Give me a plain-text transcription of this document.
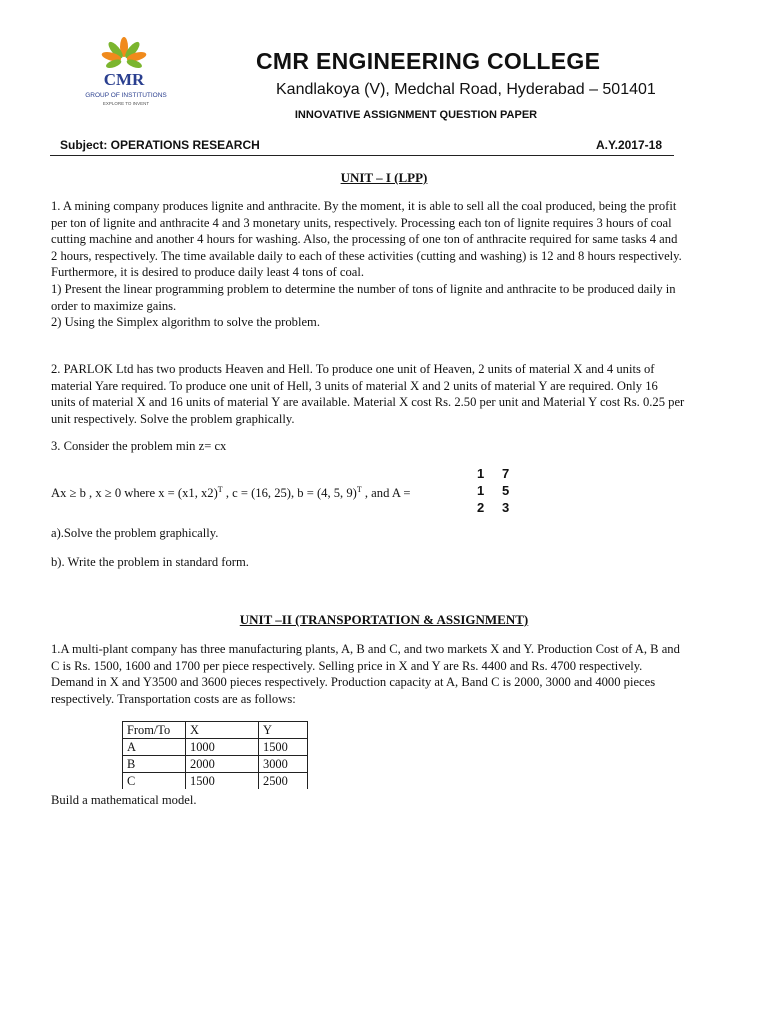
CMR
GROUP OF INSTITUTIONS
EXPLORE TO INVENT
CMR ENGINEERING COLLEGE
Kandlakoya (V), Medchal Road, Hyderabad – 501401
INNOVATIVE ASSIGNMENT QUESTION PAPER
Subject: OPERATIONS RESEARCH	A.Y.2017-18
UNIT – I (LPP)
1. A mining company produces lignite and anthracite. By the moment, it is able to sell all the coal produced, being the profit per ton of lignite and anthracite 4 and 3 monetary units, respectively. Processing each ton of lignite requires 3 hours of coal cutting machine and another 4 hours for washing. Also, the processing of one ton of anthracite required for same tasks 4 and 2 hours, respectively. The time available daily to each of these activities (cutting and washing) is 12 and 8 hours respectively. Furthermore, it is desired to produce daily least 4 tons of coal.
1) Present the linear programming problem to determine the number of tons of lignite and anthracite to be produced daily in order to maximize gains.
2) Using the Simplex algorithm to solve the problem.
2. PARLOK Ltd has two products Heaven and Hell. To produce one unit of Heaven, 2 units of material X and 4 units of material Yare required. To produce one unit of Hell, 3 units of material X and 2 units of material Y are required. Only 16 units of material X and 16 units of material Y are available. Material X cost Rs. 2.50 per unit and Material Y cost Rs. 0.25 per unit respectively. Solve the problem graphically.
3. Consider the problem min z= cx
Ax ≥ b , x ≥ 0 where x = (x1, x2)$^T$ , c = (16, 25), b = (4, 5, 9)$^T$ , and A =
1 7
1 5
2 3
a).Solve the problem graphically.
b). Write the problem in standard form.
UNIT –II (TRANSPORTATION & ASSIGNMENT)
1.A multi-plant company has three manufacturing plants, A, B and C, and two markets X and Y. Production Cost of A, B and C is Rs. 1500, 1600 and 1700 per piece respectively. Selling price in X and Y are Rs. 4400 and Rs. 4700 respectively. Demand in X and Y3500 and 3600 pieces respectively. Production capacity at A, Band C is 2000, 3000 and 4000 pieces respectively. Transportation costs are as follows:
From/To	X	Y
A	1000	1500
B	2000	3000
C	1500	2500
Build a mathematical model.
